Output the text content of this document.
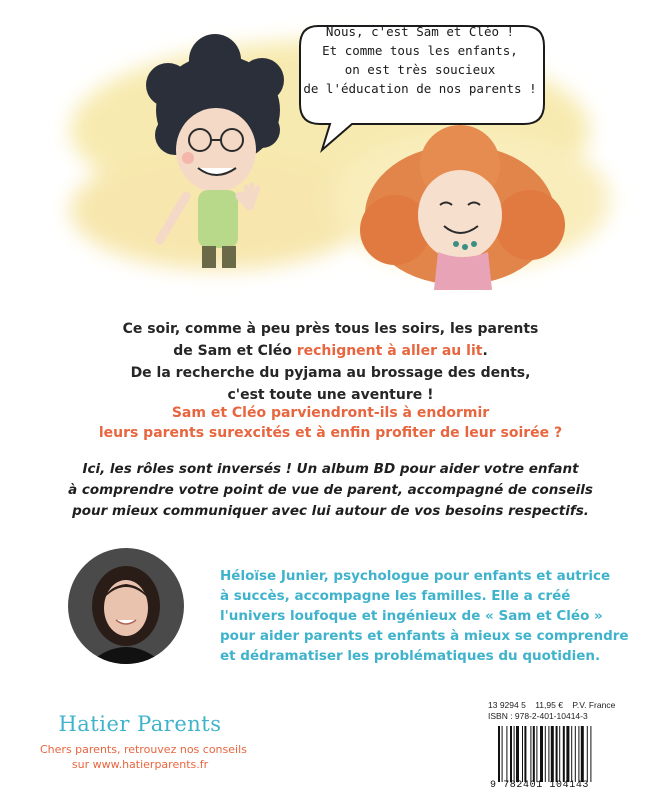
Nous, c'est Sam et Cléo !
Et comme tous les enfants,
on est très soucieux
de l'éducation de nos parents !
Ce soir, comme à peu près tous les soirs, les parents
de Sam et Cléo rechignent à aller au lit.
De la recherche du pyjama au brossage des dents,
c'est toute une aventure !
Sam et Cléo parviendront-ils à endormir
leurs parents surexcités et à enfin profiter de leur soirée ?
Ici, les rôles sont inversés ! Un album BD pour aider votre enfant
à comprendre votre point de vue de parent, accompagné de conseils
pour mieux communiquer avec lui autour de vos besoins respectifs.
Héloïse Junier, psychologue pour enfants et autrice
à succès, accompagne les familles. Elle a créé
l'univers loufoque et ingénieux de « Sam et Cléo »
pour aider parents et enfants à mieux se comprendre
et dédramatiser les problématiques du quotidien.
Hatier Parents
Chers parents, retrouvez nos conseils
sur www.hatierparents.fr
13 9294 5 11,95 € P.V. France
ISBN : 978-2-401-10414-3
9 782401 104143
